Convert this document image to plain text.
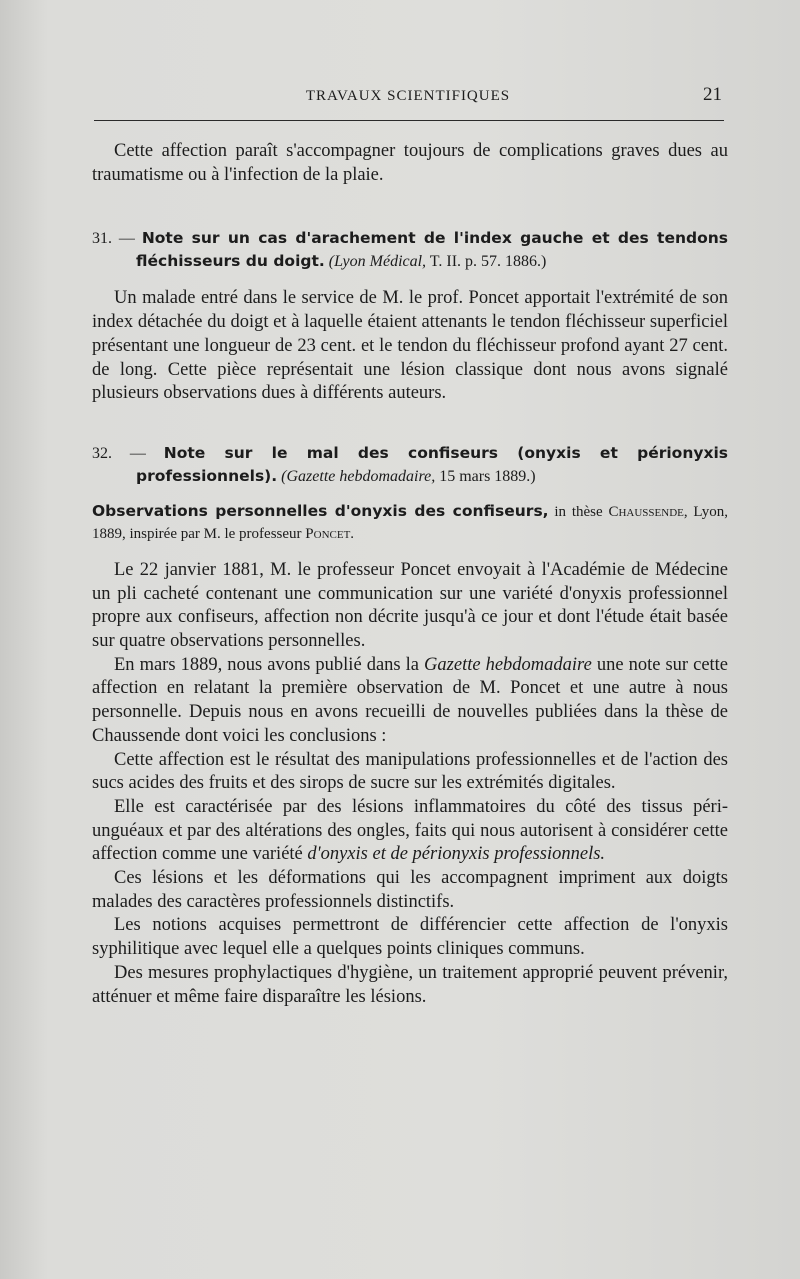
TRAVAUX SCIENTIFIQUES	21

Cette affection paraît s'accompagner toujours de complications graves dues au traumatisme ou à l'infection de la plaie.

31. — Note sur un cas d'arachement de l'index gauche et des tendons fléchisseurs du doigt. (Lyon Médical, T. II. p. 57. 1886.)

Un malade entré dans le service de M. le prof. Poncet apportait l'extrémité de son index détachée du doigt et à laquelle étaient attenants le tendon fléchisseur superficiel présentant une longueur de 23 cent. et le tendon du fléchisseur profond ayant 27 cent. de long. Cette pièce représentait une lésion classique dont nous avons signalé plusieurs observations dues à différents auteurs.

32. — Note sur le mal des confiseurs (onyxis et périonyxis professionnels). (Gazette hebdomadaire, 15 mars 1889.)

Observations personnelles d'onyxis des confiseurs, in thèse Chaussende, Lyon, 1889, inspirée par M. le professeur Poncet.

Le 22 janvier 1881, M. le professeur Poncet envoyait à l'Académie de Médecine un pli cacheté contenant une communication sur une variété d'onyxis professionnel propre aux confiseurs, affection non décrite jusqu'à ce jour et dont l'étude était basée sur quatre observations personnelles.

En mars 1889, nous avons publié dans la Gazette hebdomadaire une note sur cette affection en relatant la première observation de M. Poncet et une autre à nous personnelle. Depuis nous en avons recueilli de nouvelles publiées dans la thèse de Chaussende dont voici les conclusions :

Cette affection est le résultat des manipulations professionnelles et de l'action des sucs acides des fruits et des sirops de sucre sur les extrémités digitales.

Elle est caractérisée par des lésions inflammatoires du côté des tissus péri-unguéaux et par des altérations des ongles, faits qui nous autorisent à considérer cette affection comme une variété d'onyxis et de périonyxis professionnels.

Ces lésions et les déformations qui les accompagnent impriment aux doigts malades des caractères professionnels distinctifs.

Les notions acquises permettront de différencier cette affection de l'onyxis syphilitique avec lequel elle a quelques points cliniques communs.

Des mesures prophylactiques d'hygiène, un traitement approprié peuvent prévenir, atténuer et même faire disparaître les lésions.
